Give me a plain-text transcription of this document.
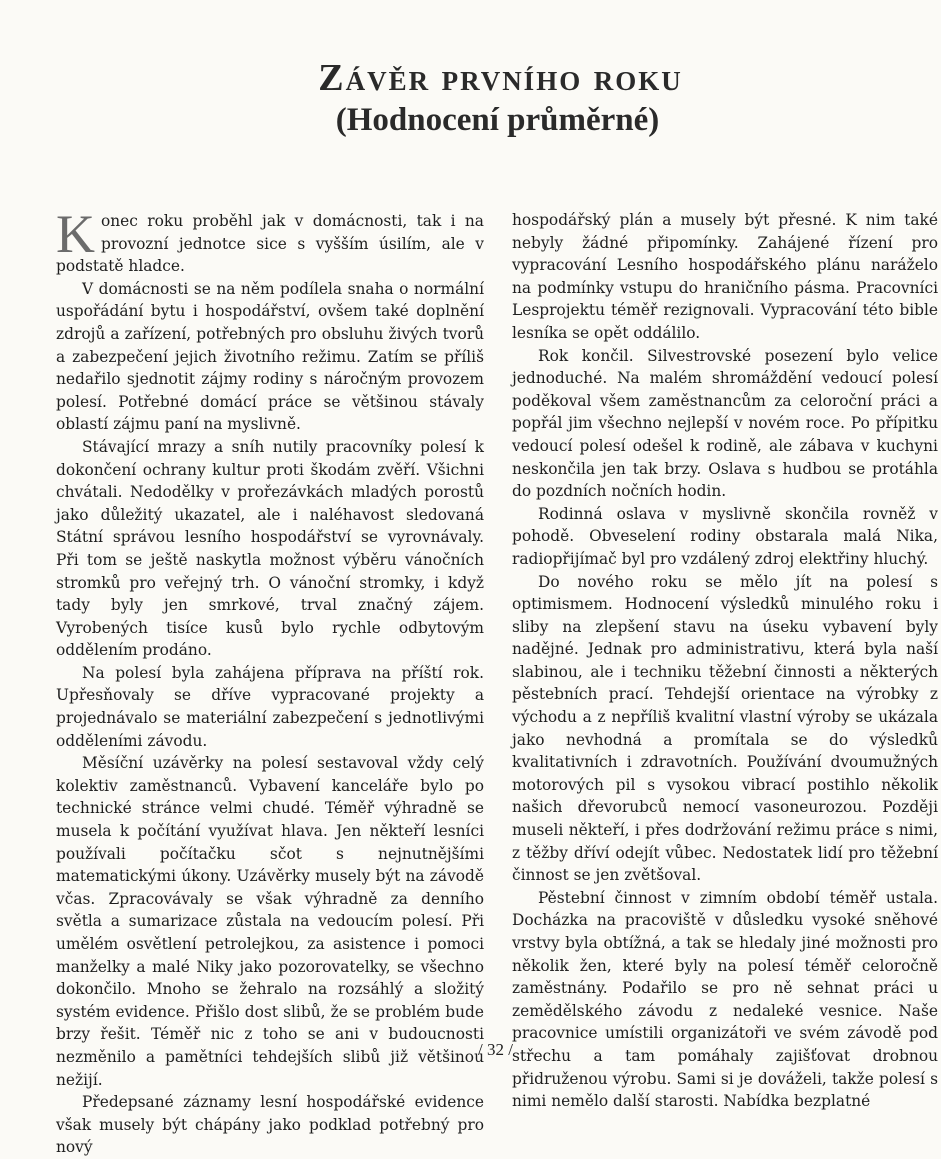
Závěr prvního roku
(Hodnocení průměrné)

Konec roku proběhl jak v domácnosti, tak i na provozní jednotce sice s vyšším úsilím, ale v podstatě hladce.

V domácnosti se na něm podílela snaha o normální uspořádání bytu i hospodářství, ovšem také doplnění zdrojů a zařízení, potřebných pro obsluhu živých tvorů a zabezpečení jejich životního režimu. Zatím se příliš nedařilo sjednotit zájmy rodiny s náročným provozem polesí. Potřebné domácí práce se většinou stávaly oblastí zájmu paní na myslivně.

Stávající mrazy a sníh nutily pracovníky polesí k dokončení ochrany kultur proti škodám zvěří. Všichni chvátali. Nedodělky v prořezávkách mladých porostů jako důležitý ukazatel, ale i naléhavost sledovaná Státní správou lesního hospodářství se vyrovnávaly. Při tom se ještě naskytla možnost výběru vánočních stromků pro veřejný trh. O vánoční stromky, i když tady byly jen smrkové, trval značný zájem. Vyrobených tisíce kusů bylo rychle odbytovým oddělením prodáno.

Na polesí byla zahájena příprava na příští rok. Upřesňovaly se dříve vypracované projekty a projednávalo se materiální zabezpečení s jednotlivými odděleními závodu.

Měsíční uzávěrky na polesí sestavoval vždy celý kolektiv zaměstnanců. Vybavení kanceláře bylo po technické stránce velmi chudé. Téměř výhradně se musela k počítání využívat hlava. Jen někteří lesníci používali počítačku sčot s nejnutnějšími matematickými úkony. Uzávěrky musely být na závodě včas. Zpracovávaly se však výhradně za denního světla a sumarizace zůstala na vedoucím polesí. Při umělém osvětlení petrolejkou, za asistence i pomoci manželky a malé Niky jako pozorovatelky, se všechno dokončilo. Mnoho se žehralo na rozsáhlý a složitý systém evidence. Přišlo dost slibů, že se problém bude brzy řešit. Téměř nic z toho se ani v budoucnosti nezměnilo a pamětníci tehdejších slibů již většinou nežijí.

Předepsané záznamy lesní hospodářské evidence však musely být chápány jako podklad potřebný pro nový

hospodářský plán a musely být přesné. K nim také nebyly žádné připomínky. Zahájené řízení pro vypracování Lesního hospodářského plánu naráželo na podmínky vstupu do hraničního pásma. Pracovníci Lesprojektu téměř rezignovali. Vypracování této bible lesníka se opět oddálilo.

Rok končil. Silvestrovské posezení bylo velice jednoduché. Na malém shromáždění vedoucí polesí poděkoval všem zaměstnancům za celoroční práci a popřál jim všechno nejlepší v novém roce. Po přípitku vedoucí polesí odešel k rodině, ale zábava v kuchyni neskončila jen tak brzy. Oslava s hudbou se protáhla do pozdních nočních hodin.

Rodinná oslava v myslivně skončila rovněž v pohodě. Obveselení rodiny obstarala malá Nika, radiopřijímač byl pro vzdálený zdroj elektřiny hluchý.

Do nového roku se mělo jít na polesí s optimismem. Hodnocení výsledků minulého roku i sliby na zlepšení stavu na úseku vybavení byly nadějné. Jednak pro administrativu, která byla naší slabinou, ale i techniku těžební činnosti a některých pěstebních prací. Tehdejší orientace na výrobky z východu a z nepříliš kvalitní vlastní výroby se ukázala jako nevhodná a promítala se do výsledků kvalitativních i zdravotních. Používání dvoumužných motorových pil s vysokou vibrací postihlo několik našich dřevorubců nemocí vasoneurozou. Později museli někteří, i přes dodržování režimu práce s nimi, z těžby dříví odejít vůbec. Nedostatek lidí pro těžební činnost se jen zvětšoval.

Pěstební činnost v zimním období téměř ustala. Docházka na pracoviště v důsledku vysoké sněhové vrstvy byla obtížná, a tak se hledaly jiné možnosti pro několik žen, které byly na polesí téměř celoročně zaměstnány. Podařilo se pro ně sehnat práci u zemědělského závodu z nedaleké vesnice. Naše pracovnice umístili organizátoři ve svém závodě pod střechu a tam pomáhaly zajišťovat drobnou přidruženou výrobu. Sami si je dováželi, takže polesí s nimi nemělo další starosti. Nabídka bezplatné

/ 32 /
